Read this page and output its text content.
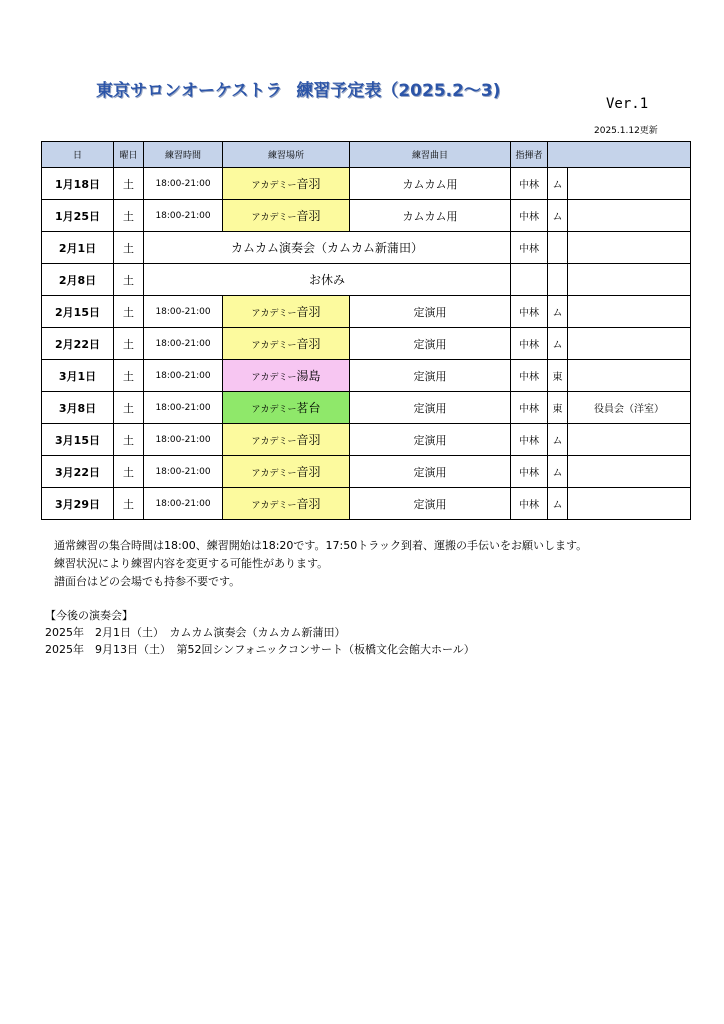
東京サロンオーケストラ 練習予定表（2025.2～3)
Ver.1
2025.1.12更新
日	曜日	練習時間	練習場所	練習曲目	指揮者		
1月18日	土	18:00-21:00	アカデミー音羽	カムカム用	中林	ム	
1月25日	土	18:00-21:00	アカデミー音羽	カムカム用	中林	ム	
2月1日	土	カムカム演奏会（カムカム新蒲田）			中林		
2月8日	土	お休み					
2月15日	土	18:00-21:00	アカデミー音羽	定演用	中林	ム	
2月22日	土	18:00-21:00	アカデミー音羽	定演用	中林	ム	
3月1日	土	18:00-21:00	アカデミー湯島	定演用	中林	東	
3月8日	土	18:00-21:00	アカデミー茗台	定演用	中林	東	役員会（洋室）
3月15日	土	18:00-21:00	アカデミー音羽	定演用	中林	ム	
3月22日	土	18:00-21:00	アカデミー音羽	定演用	中林	ム	
3月29日	土	18:00-21:00	アカデミー音羽	定演用	中林	ム	
通常練習の集合時間は18:00、練習開始は18:20です。17:50トラック到着、運搬の手伝いをお願いします。
練習状況により練習内容を変更する可能性があります。
譜面台はどの会場でも持参不要です。
【今後の演奏会】
2025年　2月1日（土）　カムカム演奏会（カムカム新蒲田）
2025年　9月13日（土）　第52回シンフォニックコンサート（板橋文化会館大ホール）
